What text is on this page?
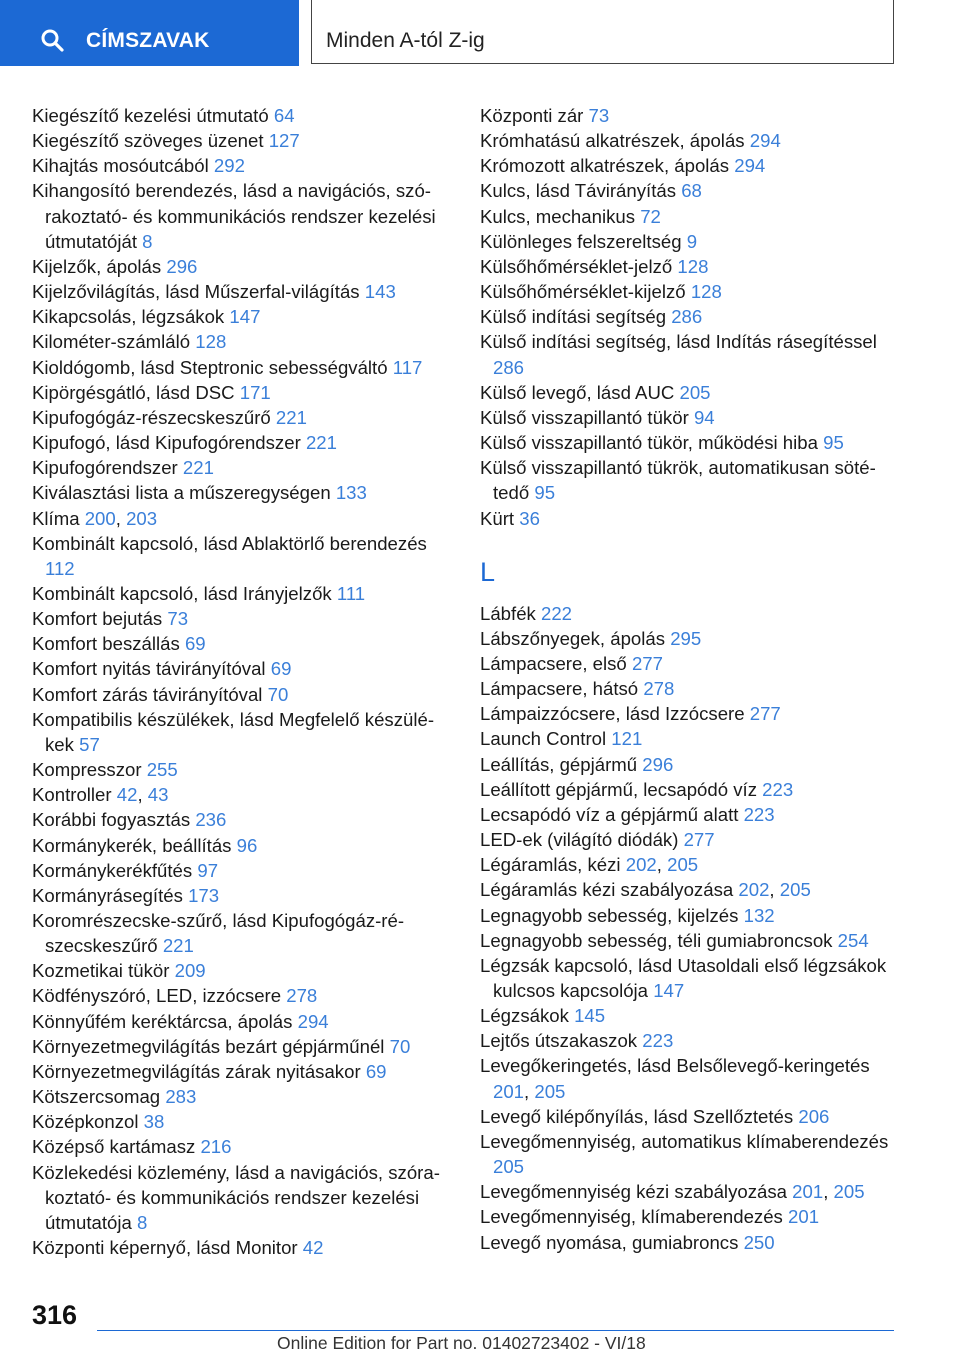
CÍMSZAVAK	Minden A-tól Z-ig
Kiegészítő kezelési útmutató 64
Kiegészítő szöveges üzenet 127
Kihajtás mosóutcából 292
Kihangosító berendezés, lásd a navigációs, szórakoztató- és kommunikációs rendszer kezelési útmutatóját 8
Kijelzők, ápolás 296
Kijelzővilágítás, lásd Műszerfal-világítás 143
Kikapcsolás, légzsákok 147
Kilométer-számláló 128
Kioldógomb, lásd Steptronic sebességváltó 117
Kipörgésgátló, lásd DSC 171
Kipufogógáz-részecskeszűrő 221
Kipufogó, lásd Kipufogórendszer 221
Kipufogórendszer 221
Kiválasztási lista a műszeregységen 133
Klíma 200, 203
Kombinált kapcsoló, lásd Ablaktörlő berendezés 112
Kombinált kapcsoló, lásd Irányjelzők 111
Komfort bejutás 73
Komfort beszállás 69
Komfort nyitás távirányítóval 69
Komfort zárás távirányítóval 70
Kompatibilis készülékek, lásd Megfelelő készülékek 57
Kompresszor 255
Kontroller 42, 43
Korábbi fogyasztás 236
Kormánykerék, beállítás 96
Kormánykerékfűtés 97
Kormányrásegítés 173
Koromrészecske-szűrő, lásd Kipufogógáz-részecskeszűrő 221
Kozmetikai tükör 209
Ködfényszóró, LED, izzócsere 278
Könnyűfém keréktárcsa, ápolás 294
Környezetmegvilágítás bezárt gépjárműnél 70
Környezetmegvilágítás zárak nyitásakor 69
Kötszercsomag 283
Középkonzol 38
Középső kartámasz 216
Közlekedési közlemény, lásd a navigációs, szórakoztató- és kommunikációs rendszer kezelési útmutatója 8
Központi képernyő, lásd Monitor 42
Központi zár 73
Krómhatású alkatrészek, ápolás 294
Krómozott alkatrészek, ápolás 294
Kulcs, lásd Távirányítás 68
Kulcs, mechanikus 72
Különleges felszereltség 9
Külsőhőmérséklet-jelző 128
Külsőhőmérséklet-kijelző 128
Külső indítási segítség 286
Külső indítási segítség, lásd Indítás rásegítéssel 286
Külső levegő, lásd AUC 205
Külső visszapillantó tükör 94
Külső visszapillantó tükör, működési hiba 95
Külső visszapillantó tükrök, automatikusan sötétedő 95
Kürt 36
L
Lábfék 222
Lábszőnyegek, ápolás 295
Lámpacsere, első 277
Lámpacsere, hátsó 278
Lámpaizzócsere, lásd Izzócsere 277
Launch Control 121
Leállítás, gépjármű 296
Leállított gépjármű, lecsapódó víz 223
Lecsapódó víz a gépjármű alatt 223
LED-ek (világító diódák) 277
Légáramlás, kézi 202, 205
Légáramlás kézi szabályozása 202, 205
Legnagyobb sebesség, kijelzés 132
Legnagyobb sebesség, téli gumiabroncsok 254
Légzsák kapcsoló, lásd Utasoldali első légzsákok kulcsos kapcsolója 147
Légzsákok 145
Lejtős útszakaszok 223
Levegőkeringetés, lásd Belsőlevegő-keringetés 201, 205
Levegő kilépőnyílás, lásd Szellőztetés 206
Levegőmennyiség, automatikus klímaberendezés 205
Levegőmennyiség kézi szabályozása 201, 205
Levegőmennyiség, klímaberendezés 201
Levegő nyomása, gumiabroncs 250
316
Online Edition for Part no. 01402723402 - VI/18
